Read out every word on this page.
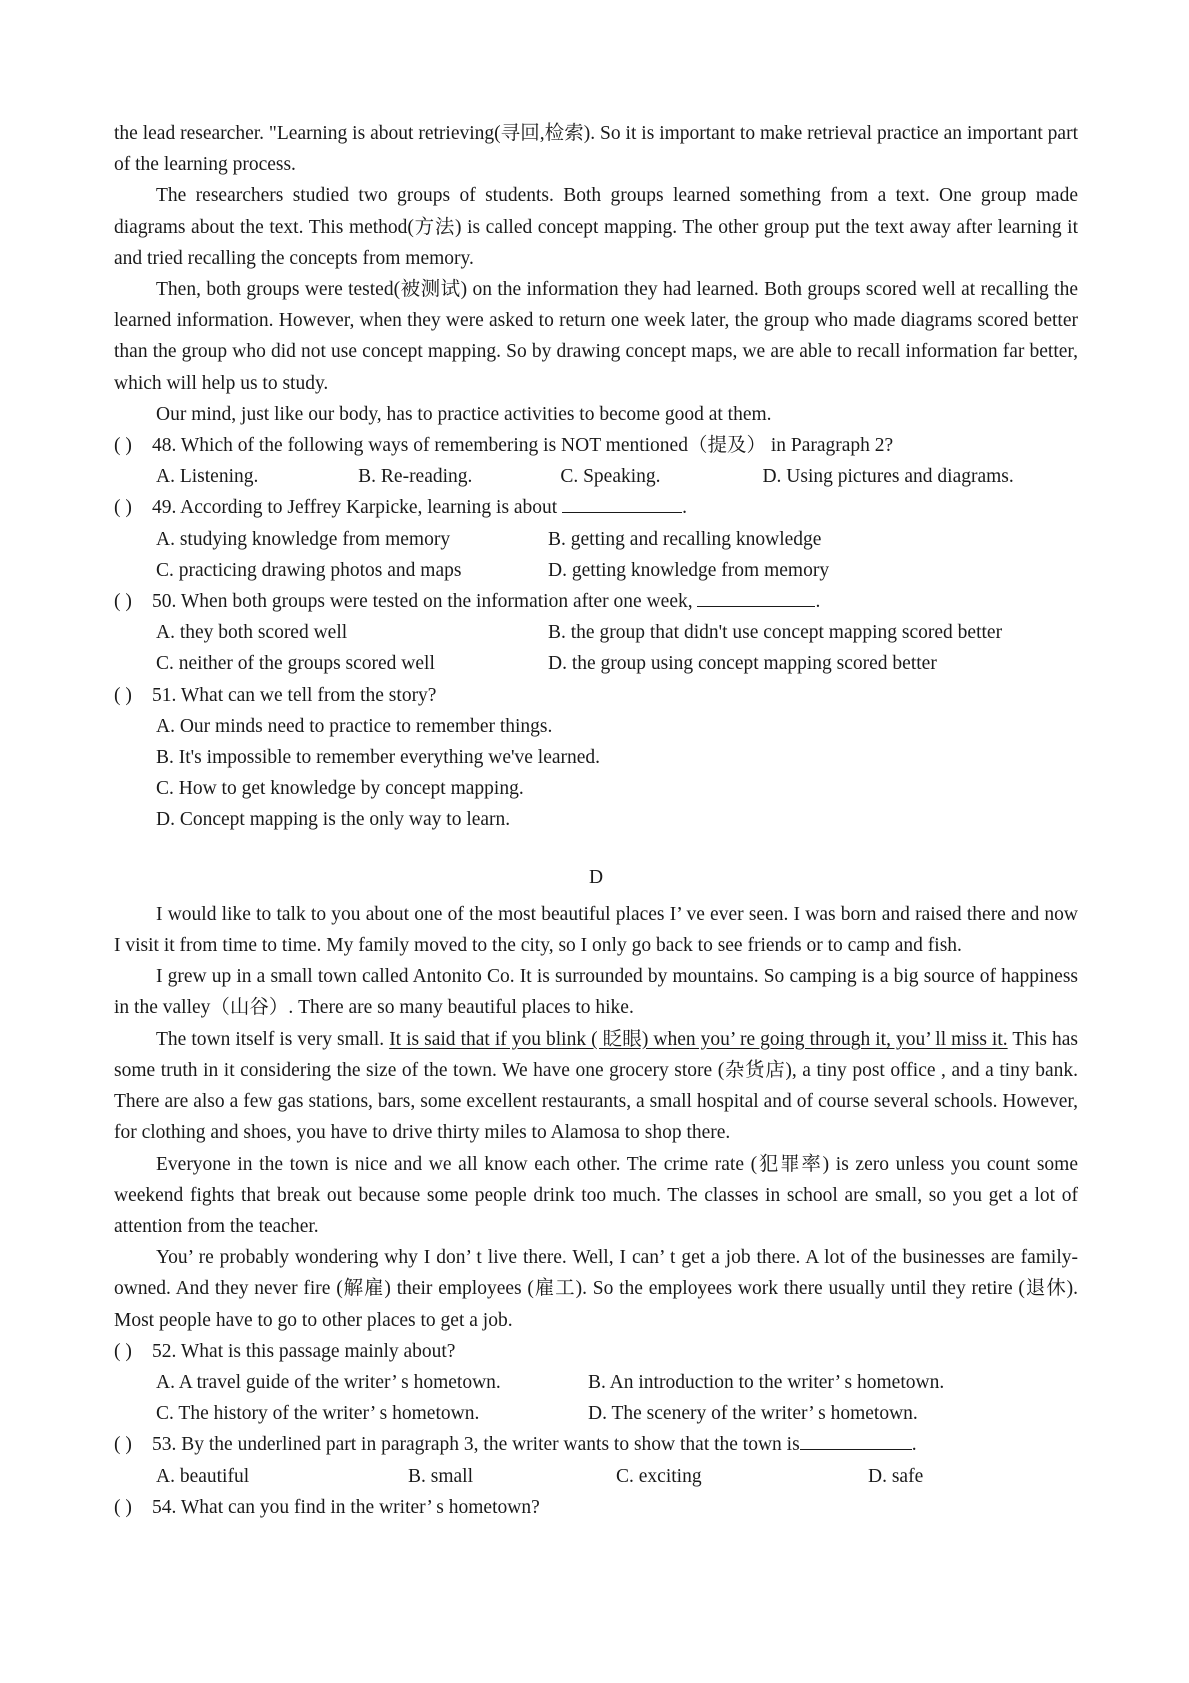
the lead researcher. "Learning is about retrieving(寻回,检索). So it is important to make retrieval practice an important part of the learning process.

The researchers studied two groups of students. Both groups learned something from a text. One group made diagrams about the text. This method(方法) is called concept mapping. The other group put the text away after learning it and tried recalling the concepts from memory.

Then, both groups were tested(被测试) on the information they had learned. Both groups scored well at recalling the learned information. However, when they were asked to return one week later, the group who made diagrams scored better than the group who did not use concept mapping. So by drawing concept maps, we are able to recall information far better, which will help us to study.

Our mind, just like our body, has to practice activities to become good at them.

( ) 48. Which of the following ways of remembering is NOT mentioned（提及） in Paragraph 2?

A. Listening.	B. Re-reading.	C. Speaking.	D. Using pictures and diagrams.

( ) 49. According to Jeffrey Karpicke, learning is about	.

A. studying knowledge from memory	B. getting and recalling knowledge
C. practicing drawing photos and maps	D. getting knowledge from memory

( ) 50. When both groups were tested on the information after one week,	.

A. they both scored well	B. the group that didn't use concept mapping scored better
C. neither of the groups scored well	D. the group using concept mapping scored better

( ) 51. What can we tell from the story?

A. Our minds need to practice to remember things.
B. It's impossible to remember everything we've learned.
C. How to get knowledge by concept mapping.
D. Concept mapping is the only way to learn.
D

I would like to talk to you about one of the most beautiful places I’ ve ever seen. I was born and raised there and now I visit it from time to time. My family moved to the city, so I only go back to see friends or to camp and fish.

I grew up in a small town called Antonito Co. It is surrounded by mountains. So camping is a big source of happiness in the valley（山谷）. There are so many beautiful places to hike.

The town itself is very small. It is said that if you blink ( 眨眼) when you’ re going through it, you’ ll miss it. This has some truth in it considering the size of the town. We have one grocery store (杂货店), a tiny post office , and a tiny bank. There are also a few gas stations, bars, some excellent restaurants, a small hospital and of course several schools. However, for clothing and shoes, you have to drive thirty miles to Alamosa to shop there.

Everyone in the town is nice and we all know each other. The crime rate (犯罪率) is zero unless you count some weekend fights that break out because some people drink too much. The classes in school are small, so you get a lot of attention from the teacher.

You’ re probably wondering why I don’ t live there. Well, I can’ t get a job there. A lot of the businesses are family-owned. And they never fire (解雇) their employees (雇工). So the employees work there usually until they retire (退休). Most people have to go to other places to get a job.

( ) 52. What is this passage mainly about?

A. A travel guide of the writer’ s hometown.	B. An introduction to the writer’ s hometown.
C. The history of the writer’ s hometown.	D. The scenery of the writer’ s hometown.

( ) 53. By the underlined part in paragraph 3, the writer wants to show that the town is	.

A. beautiful	B. small	C. exciting	D. safe

( ) 54. What can you find in the writer’ s hometown?
